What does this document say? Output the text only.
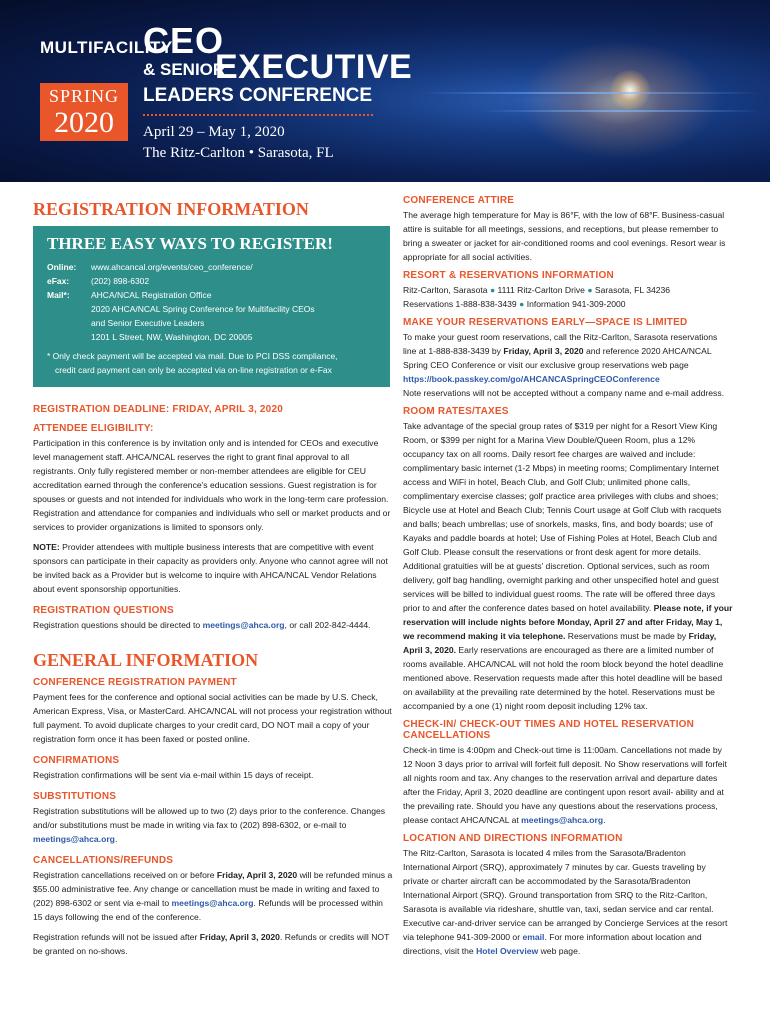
MULTIFACILITY
CEO
& SENIOR
EXECUTIVE
LEADERS CONFERENCE
SPRING
2020	April 29 – May 1, 2020
The Ritz-Carlton • Sarasota, FL
REGISTRATION INFORMATION
THREE EASY WAYS TO REGISTER!
Online:	www.ahcancal.org/events/ceo_conference/
eFax:	(202) 898-6302
Mail*:	AHCA/NCAL Registration Office
2020 AHCA/NCAL Spring Conference for Multifacility CEOs
and Senior Executive Leaders
1201 L Street, NW, Washington, DC 20005
* Only check payment will be accepted via mail. Due to PCI DSS compliance,
credit card payment can only be accepted via on-line registration or e-Fax
REGISTRATION DEADLINE: FRIDAY, APRIL 3, 2020
ATTENDEE ELIGIBILITY:
Participation in this conference is by invitation only and is intended for CEOs and executive level management staff. AHCA/NCAL reserves the right to grant final approval to all registrants. Only fully registered member or non-member attendees are eligible for CEU accreditation earned through the conference's education sessions. Guest registration is for spouses or guests and not intended for individuals who work in the long-term care profession. Registration and attendance for companies and individuals who sell or market products and or services to provider organizations is limited to sponsors only.
NOTE: Provider attendees with multiple business interests that are competitive with event sponsors can participate in their capacity as providers only. Anyone who cannot agree will not be invited back as a Provider but is welcome to inquire with AHCA/NCAL Vendor Relations about event sponsorship opportunities.
REGISTRATION QUESTIONS
Registration questions should be directed to meetings@ahca.org, or call 202-842-4444.
GENERAL INFORMATION
CONFERENCE REGISTRATION PAYMENT
Payment fees for the conference and optional social activities can be made by U.S. Check, American Express, Visa, or MasterCard. AHCA/NCAL will not process your registration without full payment. To avoid duplicate charges to your credit card, DO NOT mail a copy of your registration form once it has been faxed or posted online.
CONFIRMATIONS
Registration confirmations will be sent via e-mail within 15 days of receipt.
SUBSTITUTIONS
Registration substitutions will be allowed up to two (2) days prior to the conference. Changes and/or substitutions must be made in writing via fax to (202) 898-6302, or e-mail to meetings@ahca.org.
CANCELLATIONS/REFUNDS
Registration cancellations received on or before Friday, April 3, 2020 will be refunded minus a $55.00 administrative fee. Any change or cancellation must be made in writing and faxed to (202) 898-6302 or sent via e-mail to meetings@ahca.org. Refunds will be processed within 15 days following the end of the conference.
Registration refunds will not be issued after Friday, April 3, 2020. Refunds or credits will NOT be granted on no-shows.
CONFERENCE ATTIRE
The average high temperature for May is 86°F, with the low of 68°F. Business-casual attire is suitable for all meetings, sessions, and receptions, but please remember to bring a sweater or jacket for air-conditioned rooms and cool evenings. Resort wear is appropriate for all social activities.
RESORT & RESERVATIONS INFORMATION
Ritz-Carlton, Sarasota ● 1111 Ritz-Carlton Drive ● Sarasota, FL 34236
Reservations 1-888-838-3439 ● Information 941-309-2000
MAKE YOUR RESERVATIONS EARLY—SPACE IS LIMITED
To make your guest room reservations, call the Ritz-Carlton, Sarasota reservations line at 1-888-838-3439 by Friday, April 3, 2020 and reference 2020 AHCA/NCAL Spring CEO Conference or visit our exclusive group reservations web page https://book.passkey.com/go/AHCANCASpringCEOConference
Note reservations will not be accepted without a company name and e-mail address.
ROOM RATES/TAXES
Take advantage of the special group rates of $319 per night for a Resort View King Room, or $399 per night for a Marina View Double/Queen Room, plus a 12% occupancy tax on all rooms. Daily resort fee charges are waived and include: complimentary basic internet (1-2 Mbps) in meeting rooms; Complimentary Internet access and WiFi in hotel, Beach Club, and Golf Club; unlimited phone calls, complimentary exercise classes; golf practice area privileges with clubs and shoes; Bicycle use at Hotel and Beach Club; Tennis Court usage at Golf Club with racquets and balls; beach umbrellas; use of snorkels, masks, fins, and body boards; use of Kayaks and paddle boards at hotel; Use of Fishing Poles at Hotel, Beach Club and Golf Club. Please consult the reservations or front desk agent for more details. Additional gratuities will be at guests' discretion. Optional services, such as room delivery, golf bag handling, overnight parking and other unspecified hotel and guest services will be billed to individual guest rooms. The rate will be offered three days prior to and after the conference dates based on hotel availability. Please note, if your reservation will include nights before Monday, April 27 and after Friday, May 1, we recommend making it via telephone. Reservations must be made by Friday, April 3, 2020. Early reservations are encouraged as there are a limited number of rooms available. AHCA/NCAL will not hold the room block beyond the hotel deadline mentioned above. Reservation requests made after this hotel deadline will be based on availability at the prevailing rate determined by the hotel. Reservations must be accompanied by a one (1) night room deposit including 12% tax.
CHECK-IN/ CHECK-OUT TIMES AND HOTEL RESERVATION CANCELLATIONS
Check-in time is 4:00pm and Check-out time is 11:00am. Cancellations not made by 12 Noon 3 days prior to arrival will forfeit full deposit. No Show reservations will forfeit all nights room and tax. Any changes to the reservation arrival and departure dates after the Friday, April 3, 2020 deadline are contingent upon resort avail- ability and at the prevailing rate. Should you have any questions about the reservations process, please contact AHCA/NCAL at meetings@ahca.org.
LOCATION AND DIRECTIONS INFORMATION
The Ritz-Carlton, Sarasota is located 4 miles from the Sarasota/Bradenton International Airport (SRQ), approximately 7 minutes by car. Guests traveling by private or charter aircraft can be accommodated by the Sarasota/Bradenton International Airport (SRQ). Ground transportation from SRQ to the Ritz-Carlton, Sarasota is available via rideshare, shuttle van, taxi, sedan service and car rental. Executive car-and-driver service can be arranged by Concierge Services at the resort via telephone 941-309-2000 or email. For more information about location and directions, visit the Hotel Overview web page.
